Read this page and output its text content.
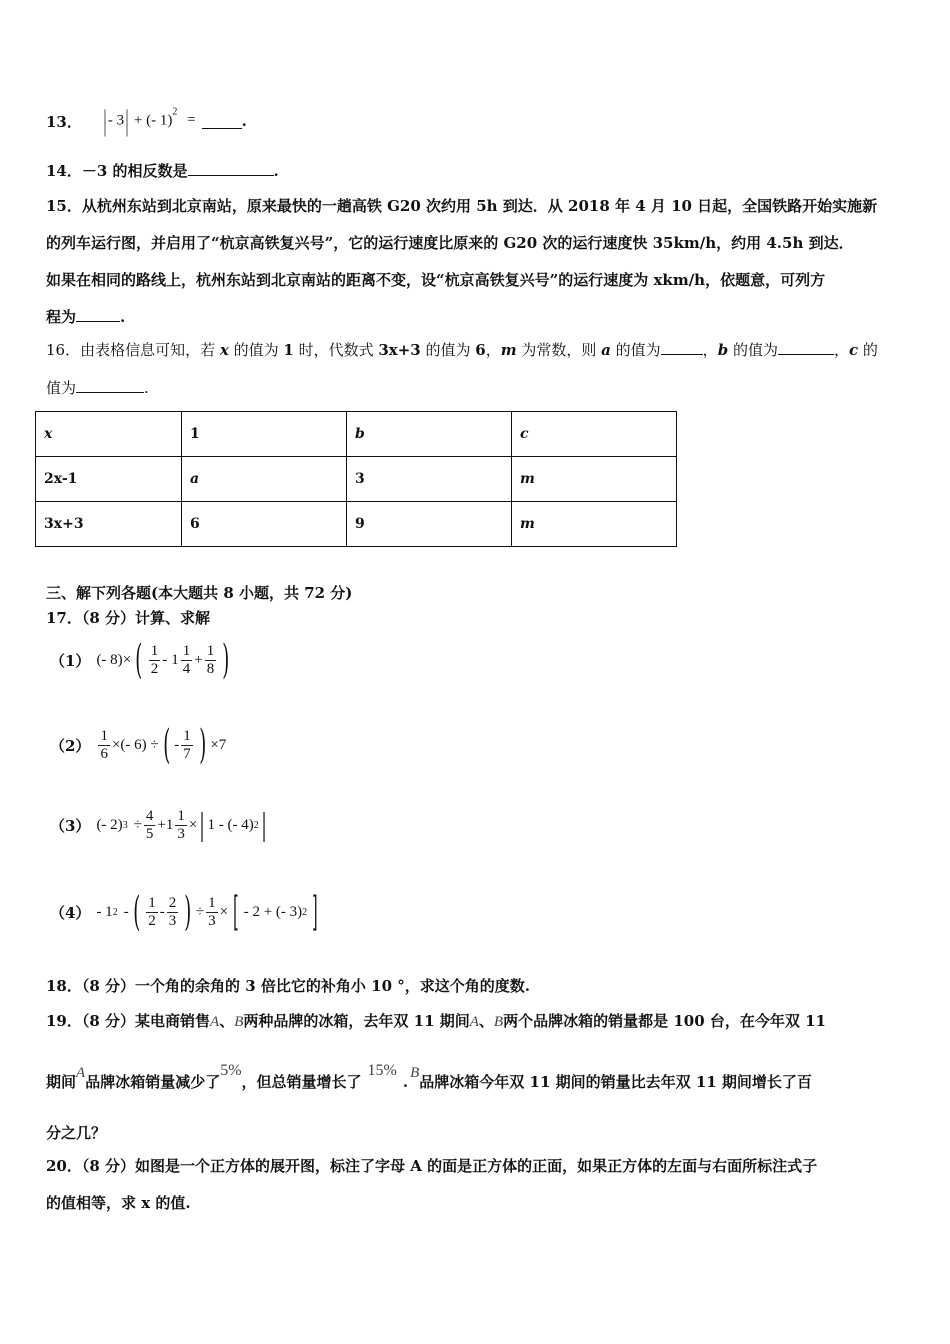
13． | - 3| + (- 1)$^2$ =	.
14．－3 的相反数是	.
15．从杭州东站到北京南站，原来最快的一趟高铁 G20 次约用 5h 到达．从 2018 年 4 月 10 日起，全国铁路开始实施新
的列车运行图，并启用了“杭京高铁复兴号”，它的运行速度比原来的 G20 次的运行速度快 35km/h，约用 4.5h 到达．
如果在相同的路线上，杭州东站到北京南站的距离不变，设“杭京高铁复兴号”的运行速度为 xkm/h，依题意，可列方
程为	.
16．由表格信息可知，若 x 的值为 1 时，代数式 3x+3 的值为 6，m 为常数，则 a 的值为	，b 的值为	，c 的
值为	.
x	1	b	c
2x-1	a	3	m
3x+3	6	9	m
三、解下列各题(本大题共 8 小题，共 72 分)
17．（8 分）计算、求解
（1） (- 8) × ( $\frac{1}{2} - 1 \frac{1}{4} + \frac{1}{8}$ )
$(2) \frac{1}{6}$ ×(- 6) ÷ ( - $\frac{1}{7}$ ) ×7
（3） (- 2) $3 \div \frac{4}{5} +1 \frac{1}{3}$ × | 1 - (- 4) 2 |
（4） - 1 2 - ( $\frac{1}{2} - \frac{2}{3}$ ) ÷ $\frac{1}{3}$ × [ - 2 + (- 3) 2 ]
18．（8 分）一个角的余角的 3 倍比它的补角小 10 °，求这个角的度数.
19．（8 分）某电商销售A、B两种品牌的冰箱，去年双 11 期间A、B两个品牌冰箱的销量都是 100 台，在今年双 11
期间A品牌冰箱销量减少了5%，但总销量增长了15%. B品牌冰箱今年双 11 期间的销量比去年双 11 期间增长了百
分之几？
20．（8 分）如图是一个正方体的展开图，标注了字母 A 的面是正方体的正面，如果正方体的左面与右面所标注式子
的值相等，求 x 的值.
